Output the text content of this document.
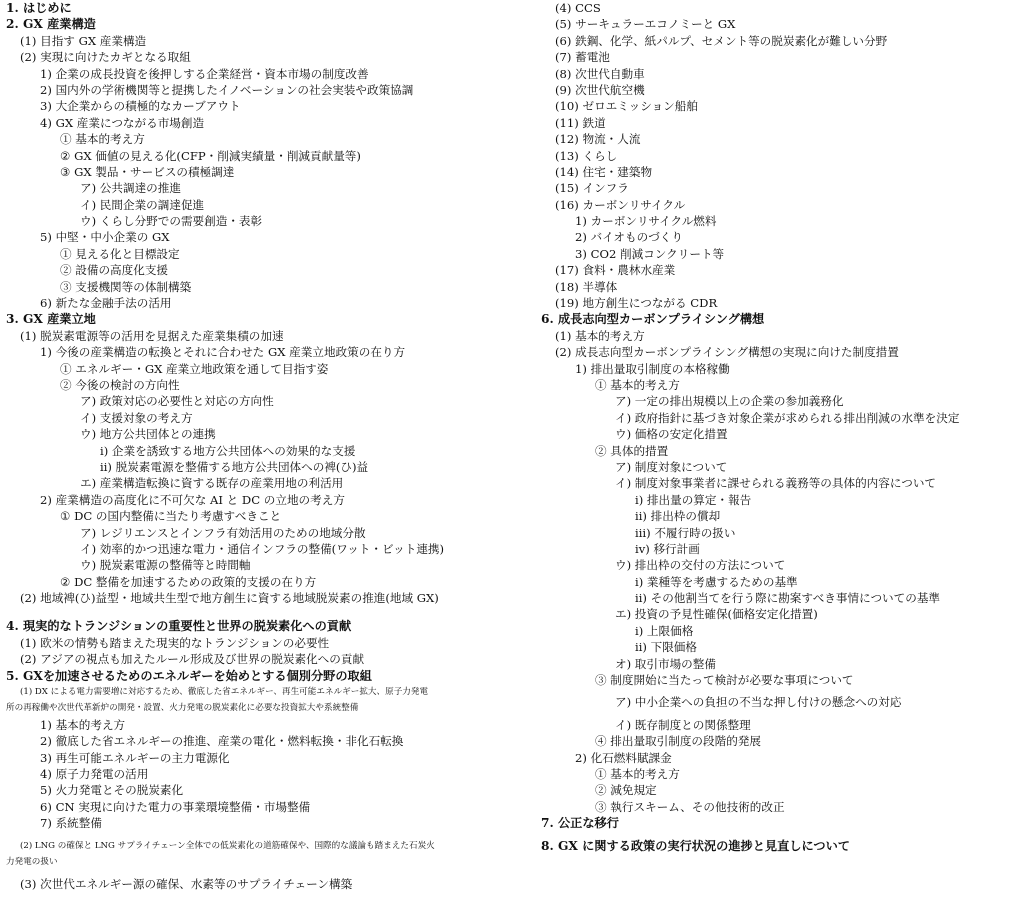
1. はじめに
2. GX 産業構造
(1) 目指す GX 産業構造
(2) 実現に向けたカギとなる取組
1) 企業の成長投資を後押しする企業経営・資本市場の制度改善
2) 国内外の学術機関等と提携したイノベーションの社会実装や政策協調
3) 大企業からの積極的なカーブアウト
4) GX 産業につながる市場創造
① 基本的考え方
② GX 価値の見える化(CFP・削減実績量・削減貢献量等)
③ GX 製品・サービスの積極調達
ア) 公共調達の推進
イ) 民間企業の調達促進
ウ) くらし分野での需要創造・表彰
5) 中堅・中小企業の GX
① 見える化と目標設定
② 設備の高度化支援
③ 支援機関等の体制構築
6) 新たな金融手法の活用
3. GX 産業立地
(1) 脱炭素電源等の活用を見据えた産業集積の加速
1) 今後の産業構造の転換とそれに合わせた GX 産業立地政策の在り方
① エネルギー・GX 産業立地政策を通して目指す姿
② 今後の検討の方向性
ア) 政策対応の必要性と対応の方向性
イ) 支援対象の考え方
ウ) 地方公共団体との連携
ⅰ) 企業を誘致する地方公共団体への効果的な支援
ⅱ) 脱炭素電源を整備する地方公共団体への裨(ひ)益
エ) 産業構造転換に資する既存の産業用地の利活用
2) 産業構造の高度化に不可欠な AI と DC の立地の考え方
① DC の国内整備に当たり考慮すべきこと
ア) レジリエンスとインフラ有効活用のための地域分散
イ) 効率的かつ迅速な電力・通信インフラの整備(ワット・ビット連携)
ウ) 脱炭素電源の整備等と時間軸
② DC 整備を加速するための政策的支援の在り方
(2) 地域裨(ひ)益型・地域共生型で地方創生に資する地域脱炭素の推進(地域 GX)
4. 現実的なトランジションの重要性と世界の脱炭素化への貢献
(1) 欧米の情勢も踏まえた現実的なトランジションの必要性
(2) アジアの視点も加えたルール形成及び世界の脱炭素化への貢献
5. GXを加速させるためのエネルギーを始めとする個別分野の取組
(1) DX による電力需要増に対応するため、徹底した省エネルギー、再生可能エネルギー拡大、原子力発電
所の再稼働や次世代革新炉の開発・設置、火力発電の脱炭素化に必要な投資拡大や系統整備
1) 基本的考え方
2) 徹底した省エネルギーの推進、産業の電化・燃料転換・非化石転換
3) 再生可能エネルギーの主力電源化
4) 原子力発電の活用
5) 火力発電とその脱炭素化
6) CN 実現に向けた電力の事業環境整備・市場整備
7) 系統整備
(2) LNG の確保と LNG サプライチェーン全体での低炭素化の道筋確保や、国際的な議論も踏まえた石炭火
力発電の扱い
(3) 次世代エネルギー源の確保、水素等のサプライチェーン構築
(4) CCS
(5) サーキュラーエコノミーと GX
(6) 鉄鋼、化学、紙パルプ、セメント等の脱炭素化が難しい分野
(7) 蓄電池
(8) 次世代自動車
(9) 次世代航空機
(10) ゼロエミッション船舶
(11) 鉄道
(12) 物流・人流
(13) くらし
(14) 住宅・建築物
(15) インフラ
(16) カーボンリサイクル
1) カーボンリサイクル燃料
2) バイオものづくり
3) CO2 削減コンクリート等
(17) 食料・農林水産業
(18) 半導体
(19) 地方創生につながる CDR
6. 成長志向型カーボンプライシング構想
(1) 基本的考え方
(2) 成長志向型カーボンプライシング構想の実現に向けた制度措置
1) 排出量取引制度の本格稼働
① 基本的考え方
ア) 一定の排出規模以上の企業の参加義務化
イ) 政府指針に基づき対象企業が求められる排出削減の水準を決定
ウ) 価格の安定化措置
② 具体的措置
ア) 制度対象について
イ) 制度対象事業者に課せられる義務等の具体的内容について
ⅰ) 排出量の算定・報告
ⅱ) 排出枠の償却
ⅲ) 不履行時の扱い
ⅳ) 移行計画
ウ) 排出枠の交付の方法について
ⅰ) 業種等を考慮するための基準
ⅱ) その他割当てを行う際に勘案すべき事情についての基準
エ) 投資の予見性確保(価格安定化措置)
ⅰ) 上限価格
ⅱ) 下限価格
オ) 取引市場の整備
③ 制度開始に当たって検討が必要な事項について
ア) 中小企業への負担の不当な押し付けの懸念への対応
イ) 既存制度との関係整理
④ 排出量取引制度の段階的発展
2) 化石燃料賦課金
① 基本的考え方
② 減免規定
③ 執行スキーム、その他技術的改正
7. 公正な移行
8. GX に関する政策の実行状況の進捗と見直しについて
